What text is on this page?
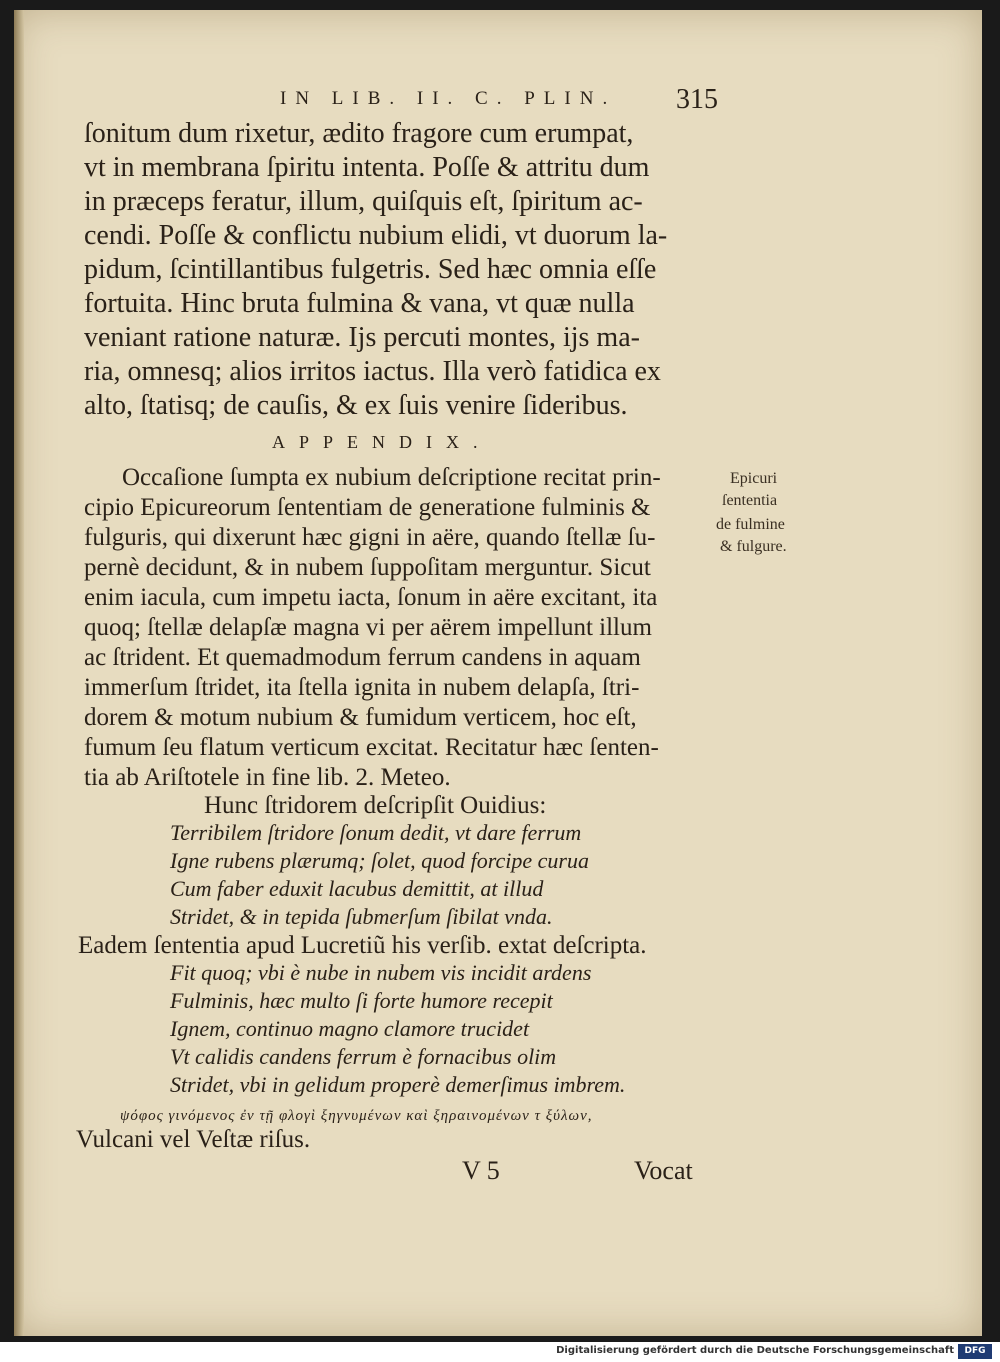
IN LIB. II. C. PLIN. 315
ſonitum dum rixetur, ædito fragore cum erumpat,
vt in membrana ſpiritu intenta. Poſſe & attritu dum
in præceps feratur, illum, quiſquis eſt, ſpiritum ac-
cendi. Poſſe & conflictu nubium elidi, vt duorum la-
pidum, ſcintillantibus fulgetris. Sed hæc omnia eſſe
fortuita. Hinc bruta fulmina & vana, vt quæ nulla
veniant ratione naturæ. Ijs percuti montes, ijs ma-
ria, omnesq; alios irritos iactus. Illa verò fatidica ex
alto, ſtatisq; de cauſis, & ex ſuis venire ſideribus.
APPENDIX.
Occaſione ſumpta ex nubium deſcriptione recitat prin-
cipio Epicureorum ſententiam de generatione fulminis &
fulguris, qui dixerunt hæc gigni in aëre, quando ſtellæ ſu-
pernè decidunt, & in nubem ſuppoſitam merguntur. Sicut
enim iacula, cum impetu iacta, ſonum in aëre excitant, ita
quoq; ſtellæ delapſæ magna vi per aërem impellunt illum
ac ſtrident. Et quemadmodum ferrum candens in aquam
immerſum ſtridet, ita ſtella ignita in nubem delapſa, ſtri-
dorem & motum nubium & fumidum verticem, hoc eſt,
fumum ſeu flatum verticum excitat. Recitatur hæc ſenten-
tia ab Ariſtotele in fine lib. 2. Meteo.
Epicuri
ſententia
de fulmine
& fulgure.
Hunc ſtridorem deſcripſit Ouidius:
Terribilem ſtridore ſonum dedit, vt dare ferrum
Igne rubens plærumq; ſolet, quod forcipe curua
Cum faber eduxit lacubus demittit, at illud
Stridet, & in tepida ſubmerſum ſibilat vnda.
Eadem ſententia apud Lucretiũ his verſib. extat deſcripta.
Fit quoq; vbi è nube in nubem vis incidit ardens
Fulminis, hæc multo ſi forte humore recepit
Ignem, continuo magno clamore trucidet
Vt calidis candens ferrum è fornacibus olim
Stridet, vbi in gelidum properè demerſimus imbrem.
ψόφος γινόμενος ἐν τῇ φλογὶ ξηγνυμένων καὶ ξηραινομένων τ ξύλων,
Vulcani vel Veſtæ riſus.
V 5	Vocat
Digitalisierung gefördert durch die Deutsche Forschungsgemeinschaft	DFG
